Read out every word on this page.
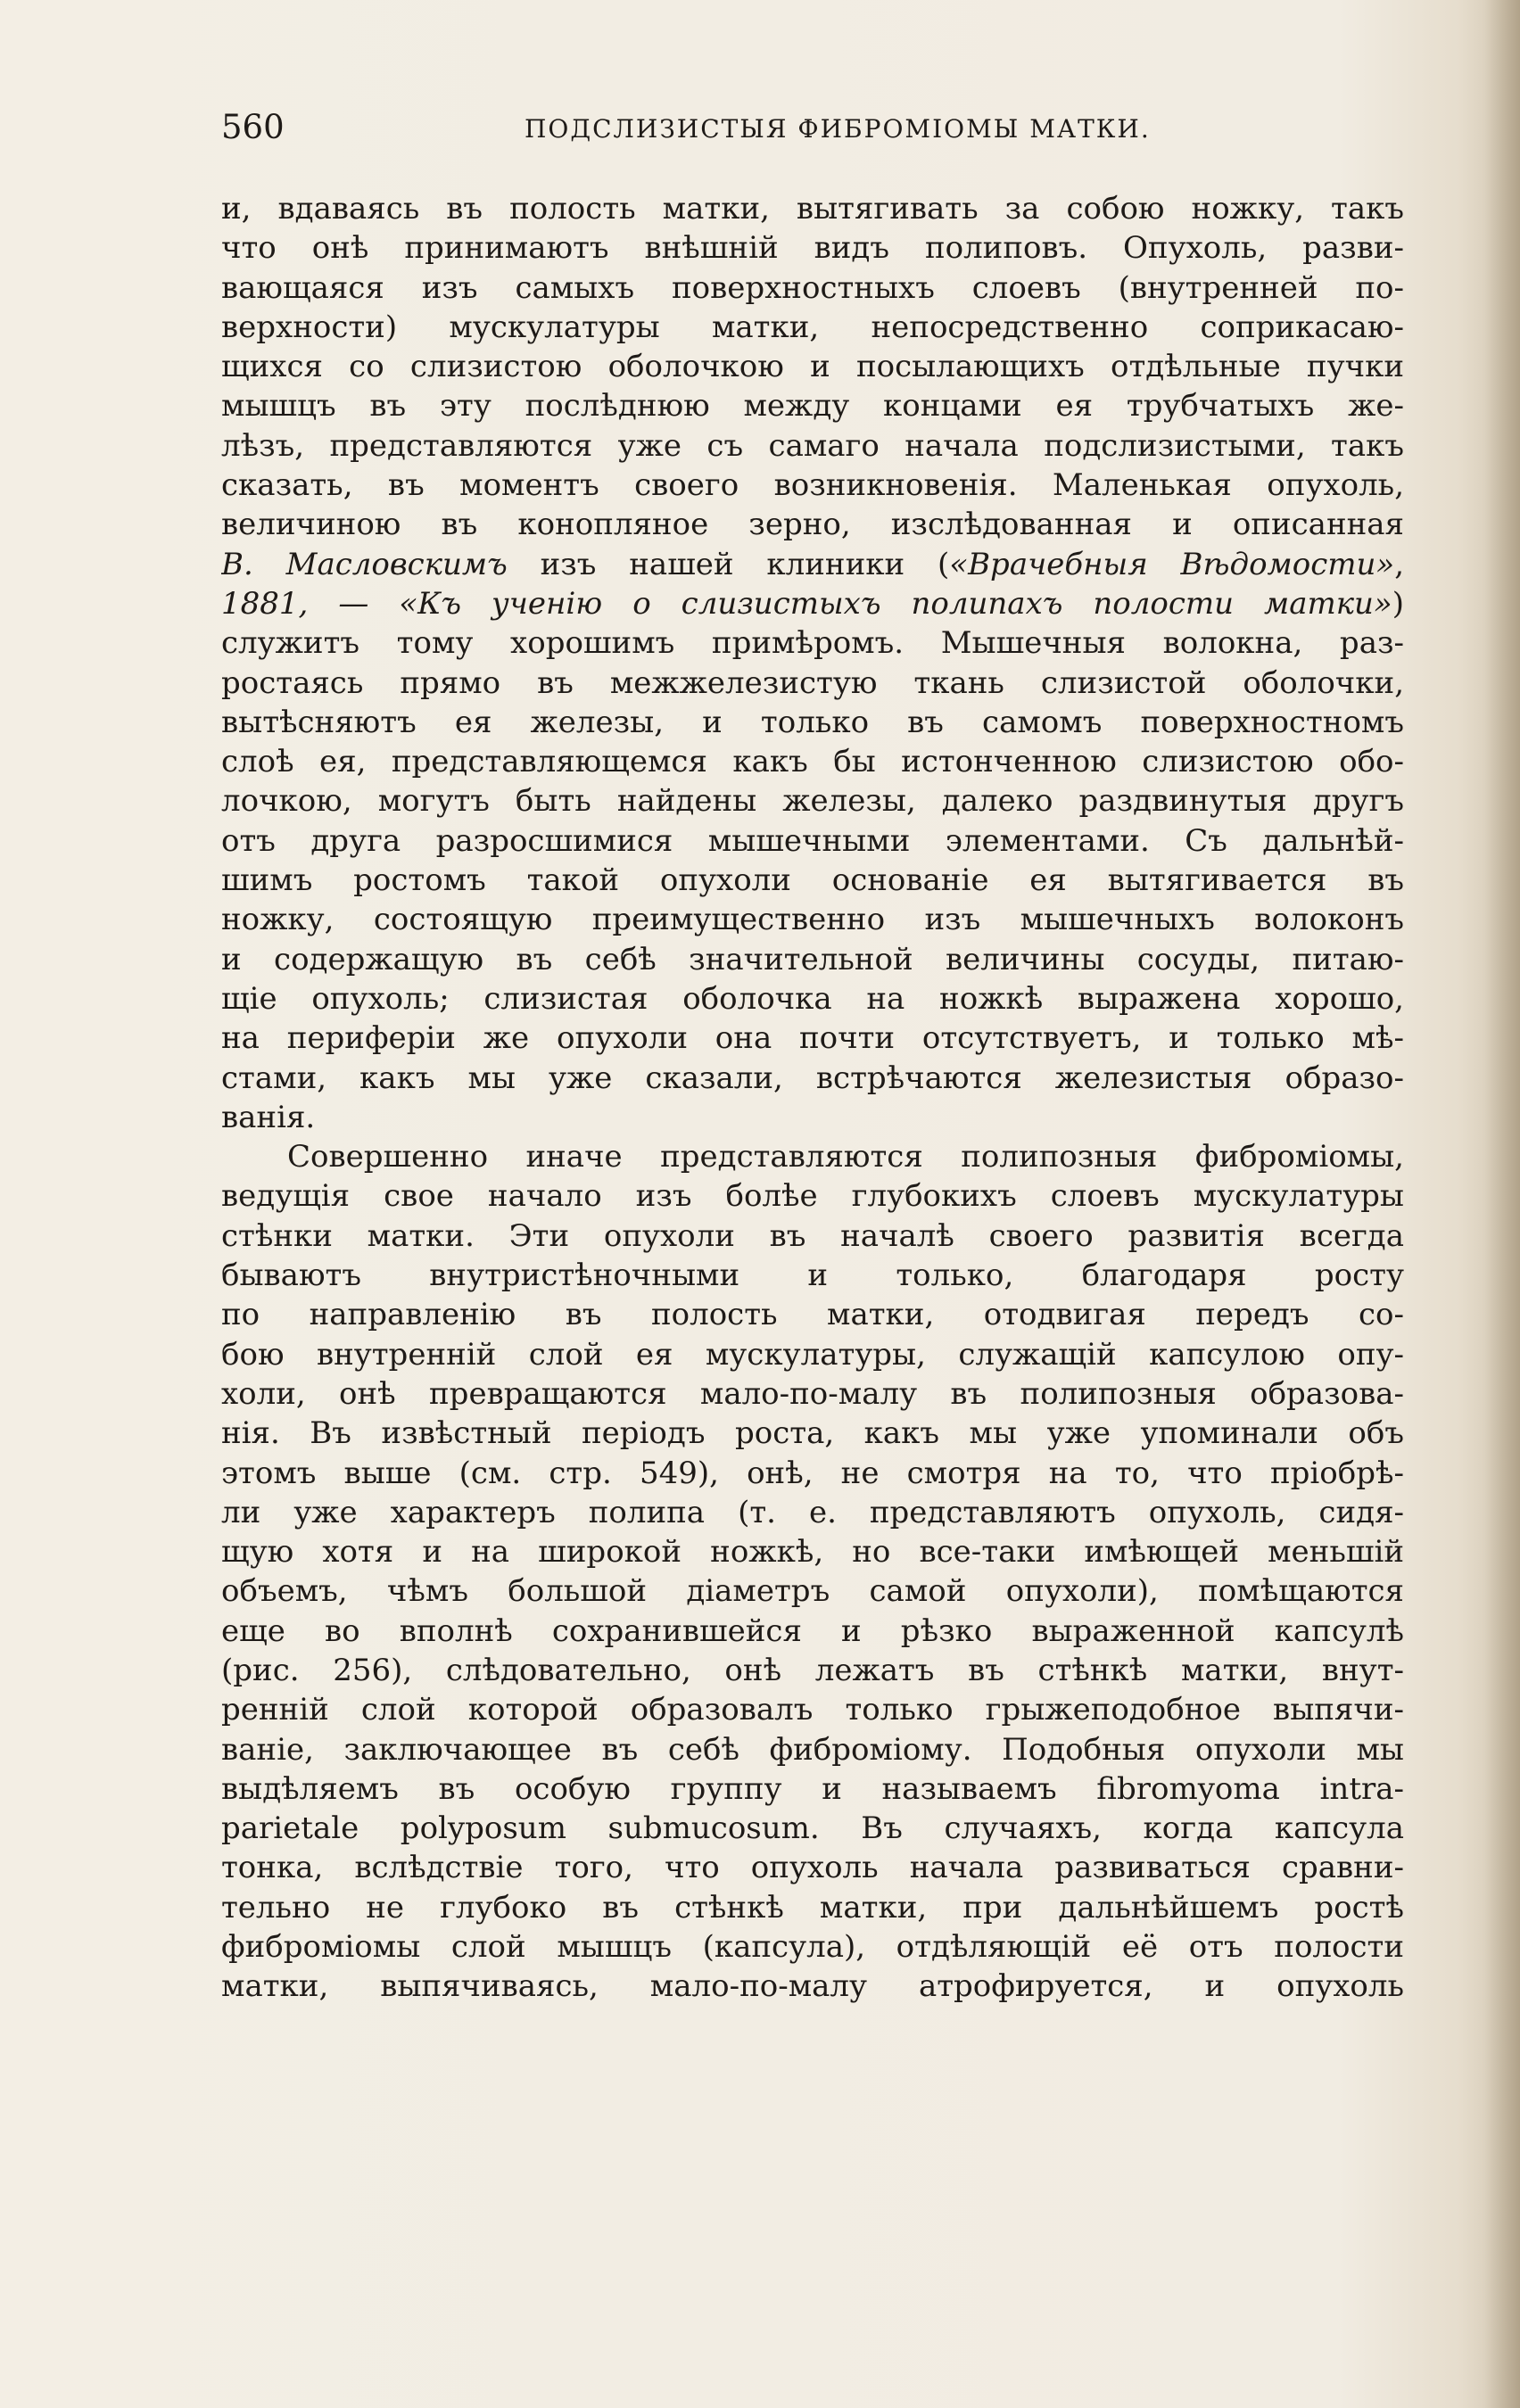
560	ПОДСЛИЗИСТЫЯ ФИБРОМІОМЫ МАТКИ.
и, вдаваясь въ полость матки, вытягивать за собою ножку, такъ
что онѣ принимаютъ внѣшній видъ полиповъ. Опухоль, разви-
вающаяся изъ самыхъ поверхностныхъ слоевъ (внутренней по-
верхности) мускулатуры матки, непосредственно соприкасаю-
щихся со слизистою оболочкою и посылающихъ отдѣльные пучки
мышцъ въ эту послѣднюю между концами ея трубчатыхъ же-
лѣзъ, представляются уже съ самаго начала подслизистыми, такъ
сказать, въ моментъ своего возникновенія. Маленькая опухоль,
величиною въ конопляное зерно, изслѣдованная и описанная
В. Масловскимъ изъ нашей клиники («Врачебныя Вѣдомости»,
1881, — «Къ ученію о слизистыхъ полипахъ полости матки»)
служитъ тому хорошимъ примѣромъ. Мышечныя волокна, раз-
ростаясь прямо въ межжелезистую ткань слизистой оболочки,
вытѣсняютъ ея железы, и только въ самомъ поверхностномъ
слоѣ ея, представляющемся какъ бы истонченною слизистою обо-
лочкою, могутъ быть найдены железы, далеко раздвинутыя другъ
отъ друга разросшимися мышечными элементами. Съ дальнѣй-
шимъ ростомъ такой опухоли основаніе ея вытягивается въ
ножку, состоящую преимущественно изъ мышечныхъ волоконъ
и содержащую въ себѣ значительной величины сосуды, питаю-
щіе опухоль; слизистая оболочка на ножкѣ выражена хорошо,
на периферіи же опухоли она почти отсутствуетъ, и только мѣ-
стами, какъ мы уже сказали, встрѣчаются железистыя образо-
ванія.
Совершенно иначе представляются полипозныя фиброміомы,
ведущія свое начало изъ болѣе глубокихъ слоевъ мускулатуры
стѣнки матки. Эти опухоли въ началѣ своего развитія всегда
бываютъ внутристѣночными и только, благодаря росту
по направленію въ полость матки, отодвигая передъ со-
бою внутренній слой ея мускулатуры, служащій капсулою опу-
холи, онѣ превращаются мало-по-малу въ полипозныя образова-
нія. Въ извѣстный періодъ роста, какъ мы уже упоминали объ
этомъ выше (см. стр. 549), онѣ, не смотря на то, что пріобрѣ-
ли уже характеръ полипа (т. е. представляютъ опухоль, сидя-
щую хотя и на широкой ножкѣ, но все-таки имѣющей меньшій
объемъ, чѣмъ большой діаметръ самой опухоли), помѣщаются
еще во вполнѣ сохранившейся и рѣзко выраженной капсулѣ
(рис. 256), слѣдовательно, онѣ лежатъ въ стѣнкѣ матки, внут-
ренній слой которой образовалъ только грыжеподобное выпячи-
ваніе, заключающее въ себѣ фиброміому. Подобныя опухоли мы
выдѣляемъ въ особую группу и называемъ fibromyoma intra-
parietale polyposum submucosum. Въ случаяхъ, когда капсула
тонка, вслѣдствіе того, что опухоль начала развиваться сравни-
тельно не глубоко въ стѣнкѣ матки, при дальнѣйшемъ ростѣ
фиброміомы слой мышцъ (капсула), отдѣляющій её отъ полости
матки, выпячиваясь, мало-по-малу атрофируется, и опухоль
